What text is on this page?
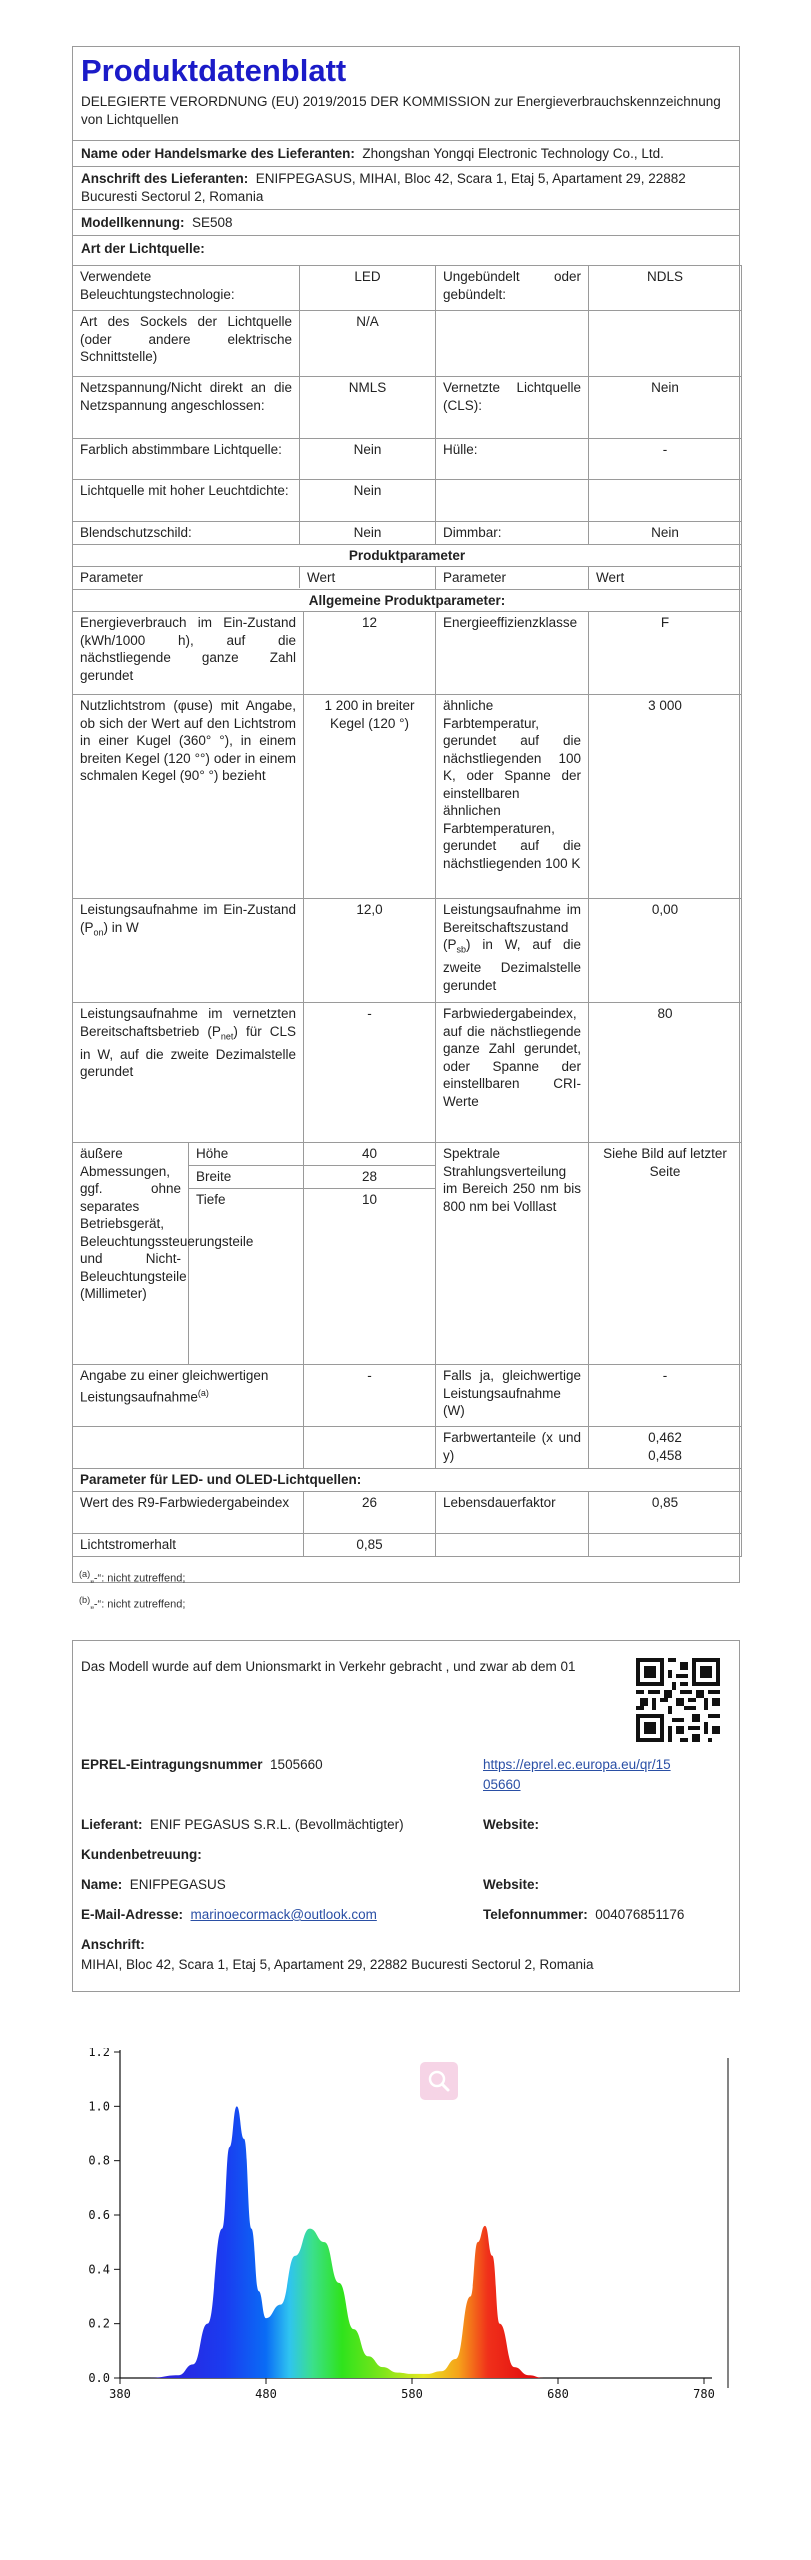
Produktdatenblatt
DELEGIERTE VERORDNUNG (EU) 2019/2015 DER KOMMISSION zur Energieverbrauchskennzeichnung von Lichtquellen
Name oder Handelsmarke des Lieferanten: Zhongshan Yongqi Electronic Technology Co., Ltd.
Anschrift des Lieferanten: ENIFPEGASUS, MIHAI, Bloc 42, Scara 1, Etaj 5, Apartament 29, 22882 Bucuresti Sectorul 2, Romania
Modellkennung: SE508
Art der Lichtquelle:
Verwendete Beleuchtungstechnologie:	LED	Ungebündelt oder gebündelt:	NDLS
Art des Sockels der Lichtquelle (oder andere elektrische Schnittstelle)	N/A		
Netzspannung/Nicht direkt an die Netzspannung angeschlossen:	NMLS	Vernetzte Lichtquelle (CLS):	Nein
Farblich abstimmbare Lichtquelle:	Nein	Hülle:	-
Lichtquelle mit hoher Leuchtdichte:	Nein		
Blendschutzschild:	Nein	Dimmbar:	Nein
Produktparameter			

Parameter Wert		Parameter	Wert
Allgemeine Produktparameter:			
Energieverbrauch im Ein-Zustand (kWh/1000 h), auf die nächstliegende ganze Zahl gerundet		12	Energieeffizienzklasse	F
Nutzlichtstrom (φuse) mit Angabe, ob sich der Wert auf den Lichtstrom in einer Kugel (360° °), in einem breiten Kegel (120 °°) oder in einem schmalen Kegel (90° °) bezieht		1 200 in breiter Kegel (120 °)	ähnliche Farbtemperatur, gerundet auf die nächstliegenden 100 K, oder Spanne der einstellbaren ähnlichen Farbtemperaturen, gerundet auf die nächstliegenden 100 K	3 000
Leistungsaufnahme im Ein-Zustand $(P_{on})$ in W		12,0	Leistungsaufnahme im Bereitschaftszustand $(P_{sb})$ in W, auf die zweite Dezimalstelle gerundet	0,00
Leistungsaufnahme im vernetzten Bereitschaftsbetrieb $(P_{net})$ für CLS in W, auf die zweite Dezimalstelle gerundet		-	Farbwiedergabeindex, auf die nächstliegende ganze Zahl gerundet, oder Spanne der einstellbaren CRI-Werte	80
äußere Abmessungen, ggf. ohne separates Betriebsgerät, Beleuchtungssteuerungsteile und Nicht-Beleuchtungsteile (Millimeter)	Höhe	40	Spektrale Strahlungsverteilung im Bereich 250 nm bis 800 nm bei Volllast	Siehe Bild auf letzter Seite
	Breite	28		
	Tiefe	10		
Angabe zu einer gleichwertigen Leistungsaufnahme$^{(a)}$		-	Falls ja, gleichwertige Leistungsaufnahme (W)	-
			Farbwertanteile (x und y)	0,462
0,458

Parameter für LED- und OLED-Lichtquellen:				
Wert des R9-Farbwiedergabeindex		26	Lebensdauerfaktor	0,85
Lichtstromerhalt		0,85		
$^{(a)}$„-“: nicht zutreffend;
$^{(b)}$„-“: nicht zutreffend;
Das Modell wurde auf dem Unionsmarkt in Verkehr gebracht , und zwar ab dem 01
EPREL-Eintragungsnummer 1505660	https://eprel.ec.europa.eu/qr/15
05660
Lieferant: ENIF PEGASUS S.R.L. (Bevollmächtigter)	Website:
Kundenbetreuung:
Name: ENIFPEGASUS	Website:
E-Mail-Adresse: marinoecormack@outlook.com	Telefonnummer: 004076851176
Anschrift:
MIHAI, Bloc 42, Scara 1, Etaj 5, Apartament 29, 22882 Bucuresti Sectorul 2, Romania
0.0
0.2
0.4
0.6
0.8
1.0
1.2
380	480	580	680	780
